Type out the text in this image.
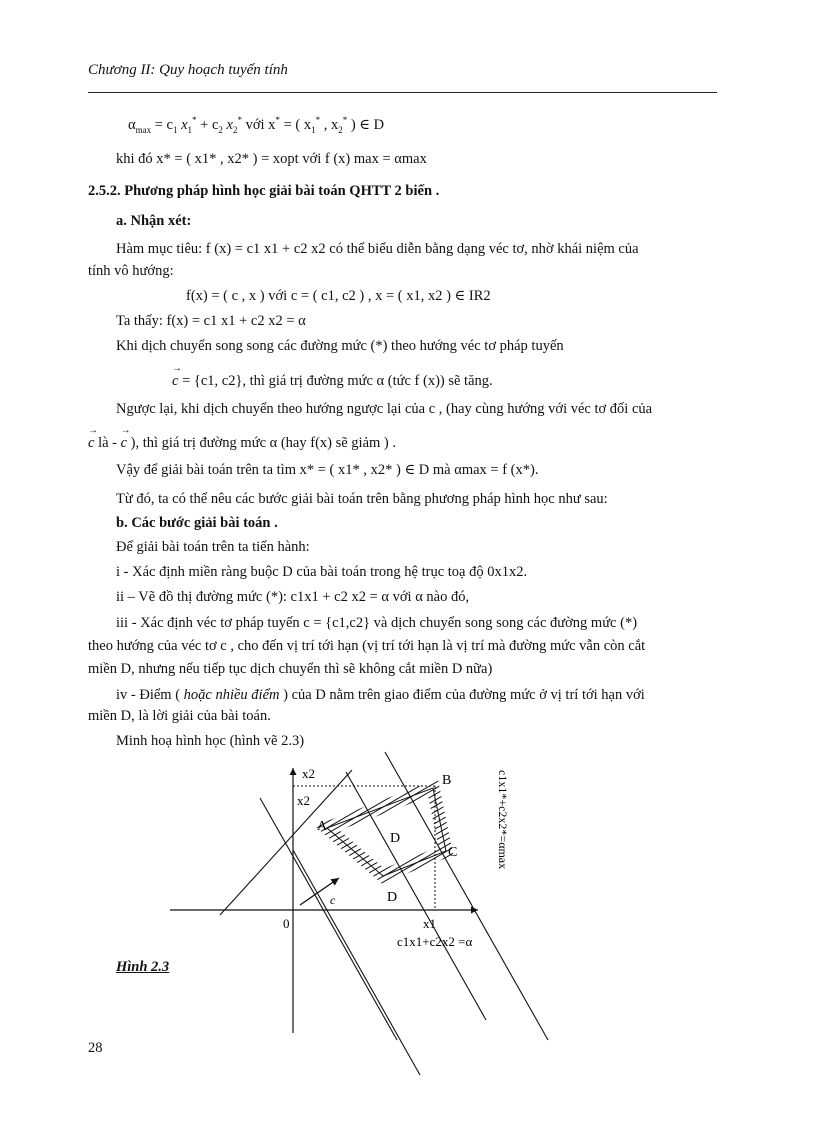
Chương II: Quy hoạch tuyến tính
$\alpha_{max} = c_1$ $x_1^* + c_2$ $x_2^*$ với x* = ( $x_1^*$ , $x_2^*$ ) ∈ D
khi đó x* = ( x1* , x2* ) = xopt với f (x) max = αmax
2.5.2. Phương pháp hình học giải bài toán QHTT 2 biến .
a. Nhận xét:
Hàm mục tiêu: f (x) = c1 x1 + c2 x2 có thể biểu diễn bằng dạng véc tơ, nhờ khái niệm của
tính vô hướng:
f(x) = ( c , x ) với c = ( c1, c2 ) , x = ( x1, x2 ) ∈ IR2
Ta thấy: f(x) = c1 x1 + c2 x2 = α
Khi dịch chuyển song song các đường mức (*) theo hướng véc tơ pháp tuyến
→ c = {c1, c2}, thì giá trị đường mức α (tức f (x)) sẽ tăng.
Ngược lại, khi dịch chuyển theo hướng ngược lại của c , (hay cùng hướng với véc tơ đối của
→ c là - → c ), thì giá trị đường mức α (hay f(x) sẽ giảm ) .
Vậy để giải bài toán trên ta tìm x* = ( x1* , x2* ) ∈ D mà αmax = f (x*).
Từ đó, ta có thể nêu các bước giải bài toán trên bằng phương pháp hình học như sau:
b. Các bước giải bài toán .
Để giải bài toán trên ta tiến hành:
i - Xác định miền ràng buộc D của bài toán trong hệ trục toạ độ 0x1x2.
ii – Vẽ đồ thị đường mức (*): c1x1 + c2 x2 = α với α nào đó,
iii - Xác định véc tơ pháp tuyến c = {c1,c2} và dịch chuyển song song các đường mức (*)
theo hướng của véc tơ c , cho đến vị trí tới hạn (vị trí tới hạn là vị trí mà đường mức vẫn còn cắt
miền D, nhưng nếu tiếp tục dịch chuyển thì sẽ không cắt miền D nữa)
iv - Điểm ( hoặc nhiều điểm ) của D nằm trên giao điểm của đường mức ở vị trí tới hạn với
miền D, là lời giải của bài toán.
Minh hoạ hình học (hình vẽ 2.3)
x2
x2
0
A
B
C
D
D
x1
c
c1x1+c2x2 =α
c1x1*+c2x2*=αmax
Hình 2.3
28
